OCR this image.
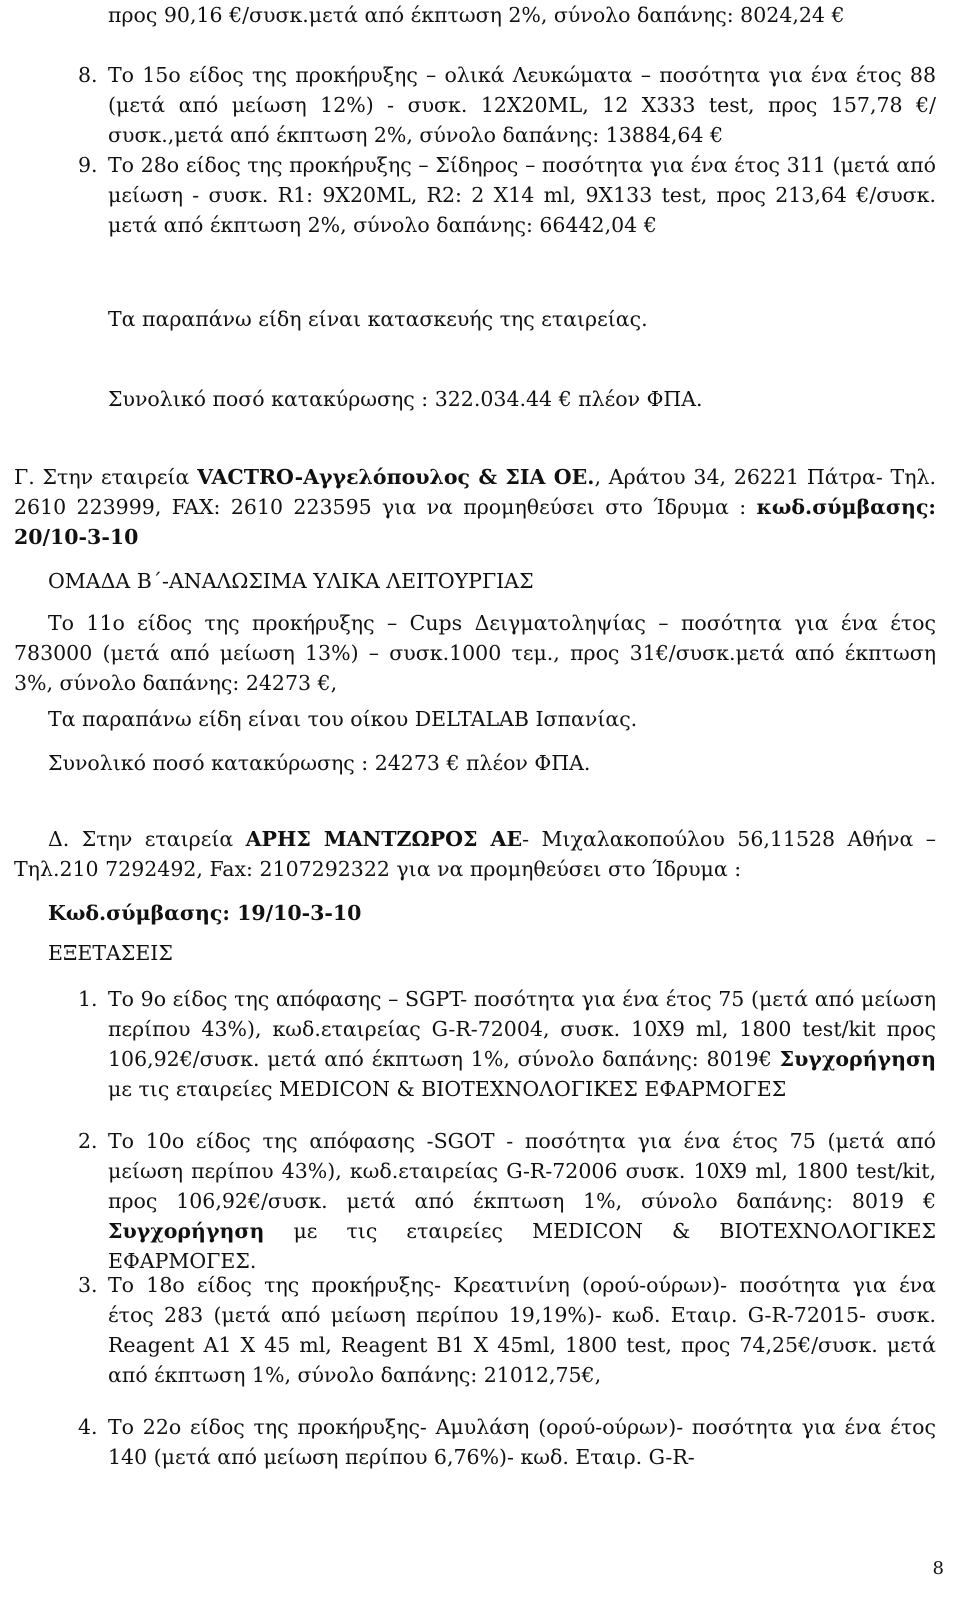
προς 90,16 €/συσκ.μετά από έκπτωση 2%, σύνολο δαπάνης: 8024,24 €

8. Το 15ο είδος της προκήρυξης – ολικά Λευκώματα – ποσότητα για ένα έτος 88 (μετά από μείωση 12%) - συσκ. 12Χ20ΜL, 12 Χ333 test, προς 157,78 €/συσκ.,μετά από έκπτωση 2%, σύνολο δαπάνης: 13884,64 €

9. Το 28ο είδος της προκήρυξης – Σίδηρος – ποσότητα για ένα έτος 311 (μετά από μείωση - συσκ. R1: 9X20ML, R2: 2 X14 ml, 9X133 test, προς 213,64 €/συσκ. μετά από έκπτωση 2%, σύνολο δαπάνης: 66442,04 €

Τα παραπάνω είδη είναι κατασκευής της εταιρείας.

Συνολικό ποσό κατακύρωσης : 322.034.44 € πλέον ΦΠΑ.

Γ. Στην εταιρεία VACTRO-Αγγελόπουλος & ΣΙΑ ΟΕ., Αράτου 34, 26221 Πάτρα- Τηλ. 2610 223999, FAX: 2610 223595 για να προμηθεύσει στο Ίδρυμα : κωδ.σύμβασης: 20/10-3-10

ΟΜΑΔΑ Β΄-ΑΝΑΛΩΣΙΜΑ ΥΛΙΚΑ ΛΕΙΤΟΥΡΓΙΑΣ

Το 11ο είδος της προκήρυξης – Cups Δειγματοληψίας – ποσότητα για ένα έτος 783000 (μετά από μείωση 13%) – συσκ.1000 τεμ., προς 31€/συσκ.μετά από έκπτωση 3%, σύνολο δαπάνης: 24273 €,

Τα παραπάνω είδη είναι του οίκου DELTALAB Ισπανίας.

Συνολικό ποσό κατακύρωσης : 24273 € πλέον ΦΠΑ.

Δ. Στην εταιρεία ΑΡΗΣ ΜΑΝΤΖΩΡΟΣ ΑΕ- Μιχαλακοπούλου 56,11528 Αθήνα – Τηλ.210 7292492, Fax: 2107292322 για να προμηθεύσει στο Ίδρυμα :

Κωδ.σύμβασης: 19/10-3-10

ΕΞΕΤΑΣΕΙΣ

1. Το 9ο είδος της απόφασης – SGPT- ποσότητα για ένα έτος 75 (μετά από μείωση περίπου 43%), κωδ.εταιρείας G-R-72004, συσκ. 10Χ9 ml, 1800 test/kit προς 106,92€/συσκ. μετά από έκπτωση 1%, σύνολο δαπάνης: 8019€ Συγχορήγηση με τις εταιρείες MEDICON & ΒΙΟΤΕΧΝΟΛΟΓΙΚΕΣ ΕΦΑΡΜΟΓΕΣ

2. Το 10ο είδος της απόφασης -SGOT - ποσότητα για ένα έτος 75 (μετά από μείωση περίπου 43%), κωδ.εταιρείας G-R-72006 συσκ. 10Χ9 ml, 1800 test/kit, προς 106,92€/συσκ. μετά από έκπτωση 1%, σύνολο δαπάνης: 8019 € Συγχορήγηση με τις εταιρείες MEDICON & ΒΙΟΤΕΧΝΟΛΟΓΙΚΕΣ ΕΦΑΡΜΟΓΕΣ.

3. Το 18ο είδος της προκήρυξης- Κρεατινίνη (ορού-ούρων)- ποσότητα για ένα έτος 283 (μετά από μείωση περίπου 19,19%)- κωδ. Εταιρ. G-R-72015- συσκ. Reagent A1 X 45 ml, Reagent B1 X 45ml, 1800 test, προς 74,25€/συσκ. μετά από έκπτωση 1%, σύνολο δαπάνης: 21012,75€,

4. Το 22ο είδος της προκήρυξης- Αμυλάση (ορού-ούρων)- ποσότητα για ένα έτος 140 (μετά από μείωση περίπου 6,76%)- κωδ. Εταιρ. G-R-

8
